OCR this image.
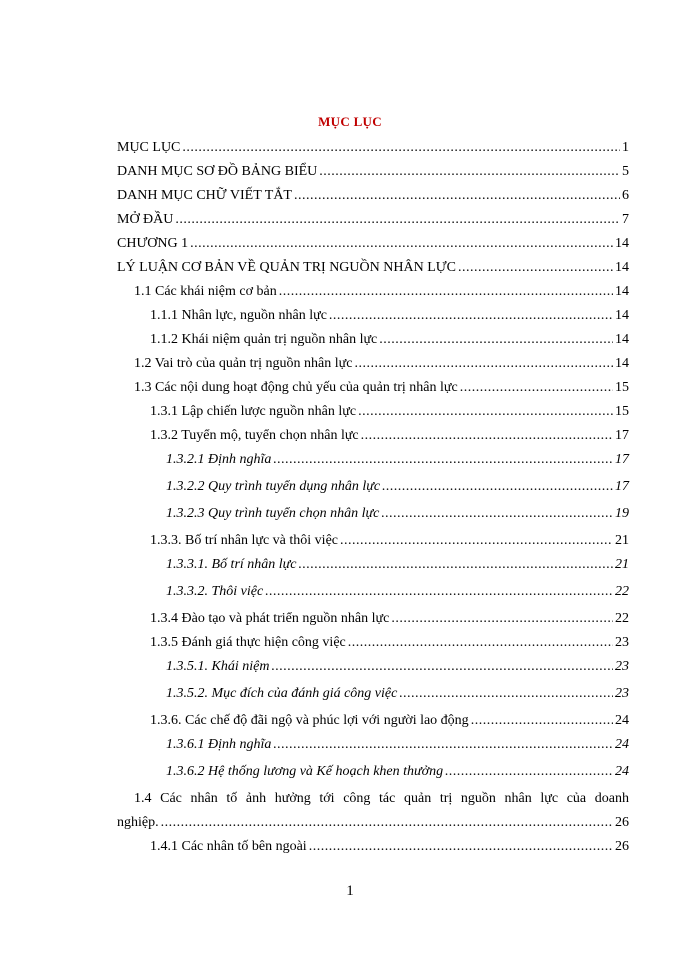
MỤC LỤC
MỤC LỤC .....	1
DANH MỤC SƠ ĐỒ BẢNG BIỂU .....	5
DANH MỤC CHỮ VIẾT TẮT .....	6
MỞ ĐẦU .....	7
CHƯƠNG 1 .....	14
LÝ LUẬN CƠ BẢN VỀ QUẢN TRỊ NGUỒN NHÂN LỰC .....	14
1.1 Các khái niệm cơ bản .....	14
1.1.1 Nhân lực, nguồn nhân lực .....	14
1.1.2 Khái niệm quản trị nguồn nhân lực .....	14
1.2 Vai trò của quản trị nguồn nhân lực .....	14
1.3 Các nội dung hoạt động chủ yếu của quản trị nhân lực .....	15
1.3.1 Lập chiến lược nguồn nhân lực .....	15
1.3.2 Tuyển mộ, tuyển chọn nhân lực .....	17
1.3.2.1 Định nghĩa .....	17
1.3.2.2 Quy trình tuyển dụng nhân lực .....	17
1.3.2.3 Quy trình tuyển chọn nhân lực .....	19
1.3.3. Bố trí nhân lực và thôi việc .....	21
1.3.3.1. Bố trí nhân lực .....	21
1.3.3.2. Thôi việc .....	22
1.3.4 Đào tạo và phát triển nguồn nhân lực .....	22
1.3.5 Đánh giá thực hiện công việc .....	23
1.3.5.1. Khái niệm .....	23
1.3.5.2. Mục đích của đánh giá công việc .....	23
1.3.6. Các chế độ đãi ngộ và phúc lợi với người lao động .....	24
1.3.6.1 Định nghĩa .....	24
1.3.6.2 Hệ thống lương và Kế hoạch khen thưởng .....	24
1.4 Các nhân tố ảnh hưởng tới công tác quản trị nguồn nhân lực của doanh
nghiệp. .....	26
1.4.1 Các nhân tố bên ngoài .....	26
1
